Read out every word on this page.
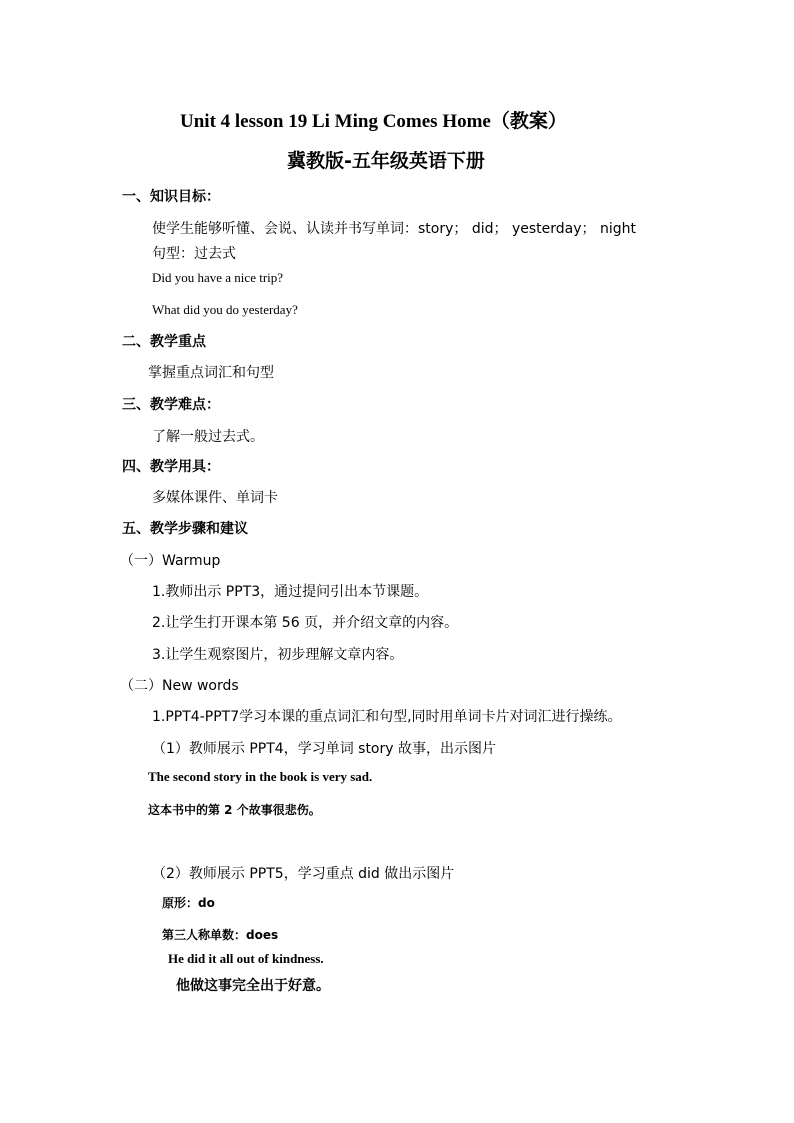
Unit 4 lesson 19 Li Ming Comes Home（教案）
冀教版-五年级英语下册
一、知识目标：
使学生能够听懂、会说、认读并书写单词：story； did； yesterday； night
句型：过去式
Did you have a nice trip?
What did you do yesterday?
二、教学重点
掌握重点词汇和句型
三、教学难点：
了解一般过去式。
四、教学用具：
多媒体课件、单词卡
五、教学步骤和建议
（一）Warmup
1.教师出示 PPT3，通过提问引出本节课题。
2.让学生打开课本第 56 页，并介绍文章的内容。
3.让学生观察图片，初步理解文章内容。
（二）New words
1.PPT4-PPT7学习本课的重点词汇和句型,同时用单词卡片对词汇进行操练。
（1）教师展示 PPT4，学习单词 story 故事，出示图片
The second story in the book is very sad.
这本书中的第 2 个故事很悲伤。
（2）教师展示 PPT5，学习重点 did 做出示图片
原形：do
第三人称单数：does
He did it all out of kindness.
他做这事完全出于好意。
